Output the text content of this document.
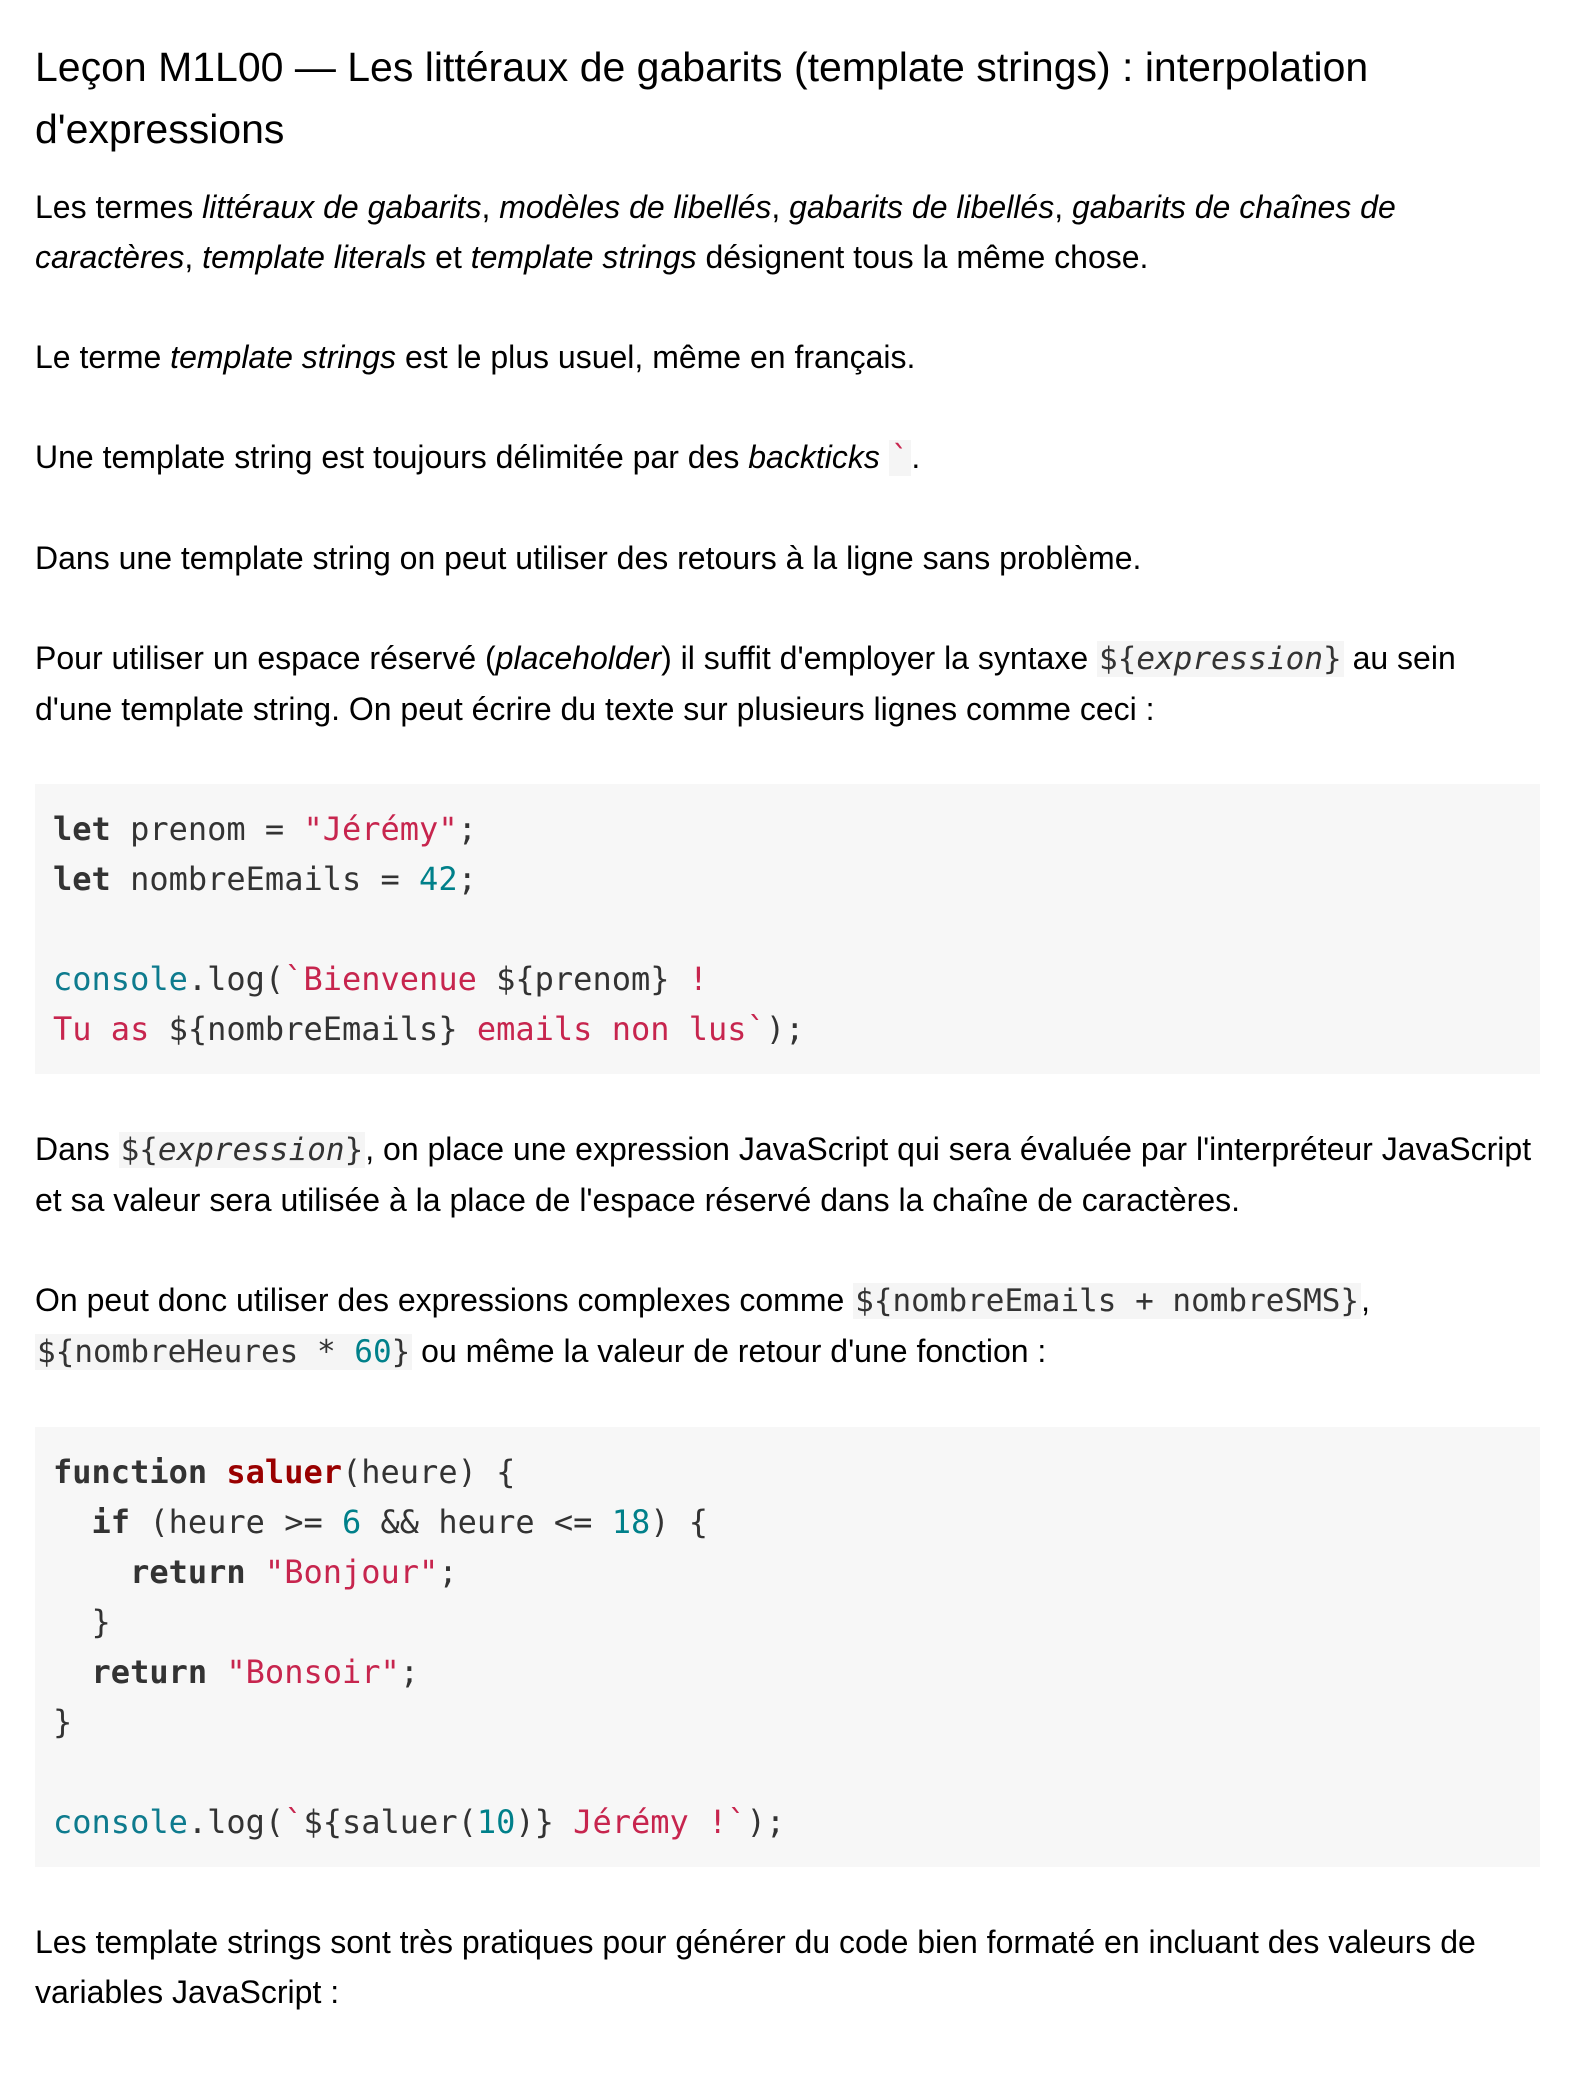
Leçon M1L00 — Les littéraux de gabarits (template strings) : interpolation d'expressions

Les termes littéraux de gabarits, modèles de libellés, gabarits de libellés, gabarits de chaînes de caractères, template literals et template strings désignent tous la même chose.

Le terme template strings est le plus usuel, même en français.

Une template string est toujours délimitée par des backticks `.

Dans une template string on peut utiliser des retours à la ligne sans problème.

Pour utiliser un espace réservé (placeholder) il suffit d'employer la syntaxe ${expression} au sein d'une template string. On peut écrire du texte sur plusieurs lignes comme ceci :

let prenom = "Jérémy";
let nombreEmails = 42;
console.log(`Bienvenue ${prenom} !
Tu as ${nombreEmails} emails non lus`);

Dans ${expression}, on place une expression JavaScript qui sera évaluée par l'interpréteur JavaScript et sa valeur sera utilisée à la place de l'espace réservé dans la chaîne de caractères.

On peut donc utiliser des expressions complexes comme ${nombreEmails + nombreSMS}, ${nombreHeures * 60} ou même la valeur de retour d'une fonction :

function saluer(heure) {
if (heure >= 6 && heure <= 18) {
return "Bonjour";
}
return "Bonsoir";
}
console.log(`${saluer(10)} Jérémy !`);

Les template strings sont très pratiques pour générer du code bien formaté en incluant des valeurs de variables JavaScript :
